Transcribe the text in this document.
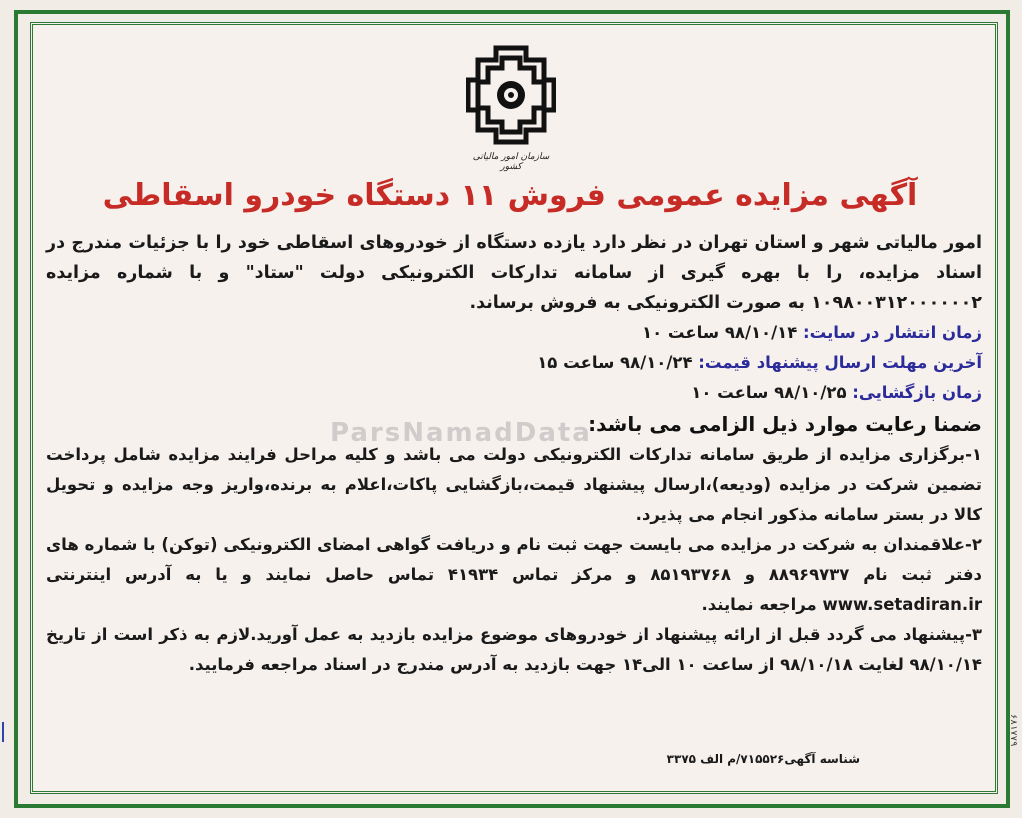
۶۸۱۷۷۹
سازمان امور مالیاتی کشور
آگهی مزایده عمومی فروش ۱۱ دستگاه خودرو اسقاطی
ParsNamadData

امور مالیاتی شهر و استان تهران در نظر دارد یازده دستگاه از خودروهای اسقاطی خود را با جزئیات مندرج در اسناد مزایده، را با بهره گیری از سامانه تدارکات الکترونیکی دولت "ستاد" و با شماره مزایده ۱۰۹۸۰۰۳۱۲۰۰۰۰۰۰۲ به صورت الکترونیکی به فروش برساند.

زمان انتشار در سایت: ۹۸/۱۰/۱۴ ساعت ۱۰

آخرین مهلت ارسال پیشنهاد قیمت: ۹۸/۱۰/۲۴ ساعت ۱۵

زمان بازگشایی: ۹۸/۱۰/۲۵ ساعت ۱۰

ضمنا رعایت موارد ذیل الزامی می باشد:

۱-برگزاری مزایده از طریق سامانه تدارکات الکترونیکی دولت می باشد و کلیه مراحل فرایند مزایده شامل پرداخت تضمین شرکت در مزایده (ودیعه)،ارسال پیشنهاد قیمت،بازگشایی پاکات،اعلام به برنده،واریز وجه مزایده و تحویل کالا در بستر سامانه مذکور انجام می پذیرد.

۲-علاقمندان به شرکت در مزایده می بایست جهت ثبت نام و دریافت گواهی امضای الکترونیکی (توکن) با شماره های دفتر ثبت نام ۸۸۹۶۹۷۳۷ و ۸۵۱۹۳۷۶۸ و مرکز تماس ۴۱۹۳۴ تماس حاصل نمایند و یا به آدرس اینترنتی www.setadiran.ir مراجعه نمایند.

۳-پیشنهاد می گردد قبل از ارائه پیشنهاد از خودروهای موضوع مزایده بازدید به عمل آورید.لازم به ذکر است از تاریخ ۹۸/۱۰/۱۴ لغایت ۹۸/۱۰/۱۸ از ساعت ۱۰ الی۱۴ جهت بازدید به آدرس مندرج در اسناد مراجعه فرمایید.

شناسه آگهی۷۱۵۵۲۶/م الف ۳۳۷۵
